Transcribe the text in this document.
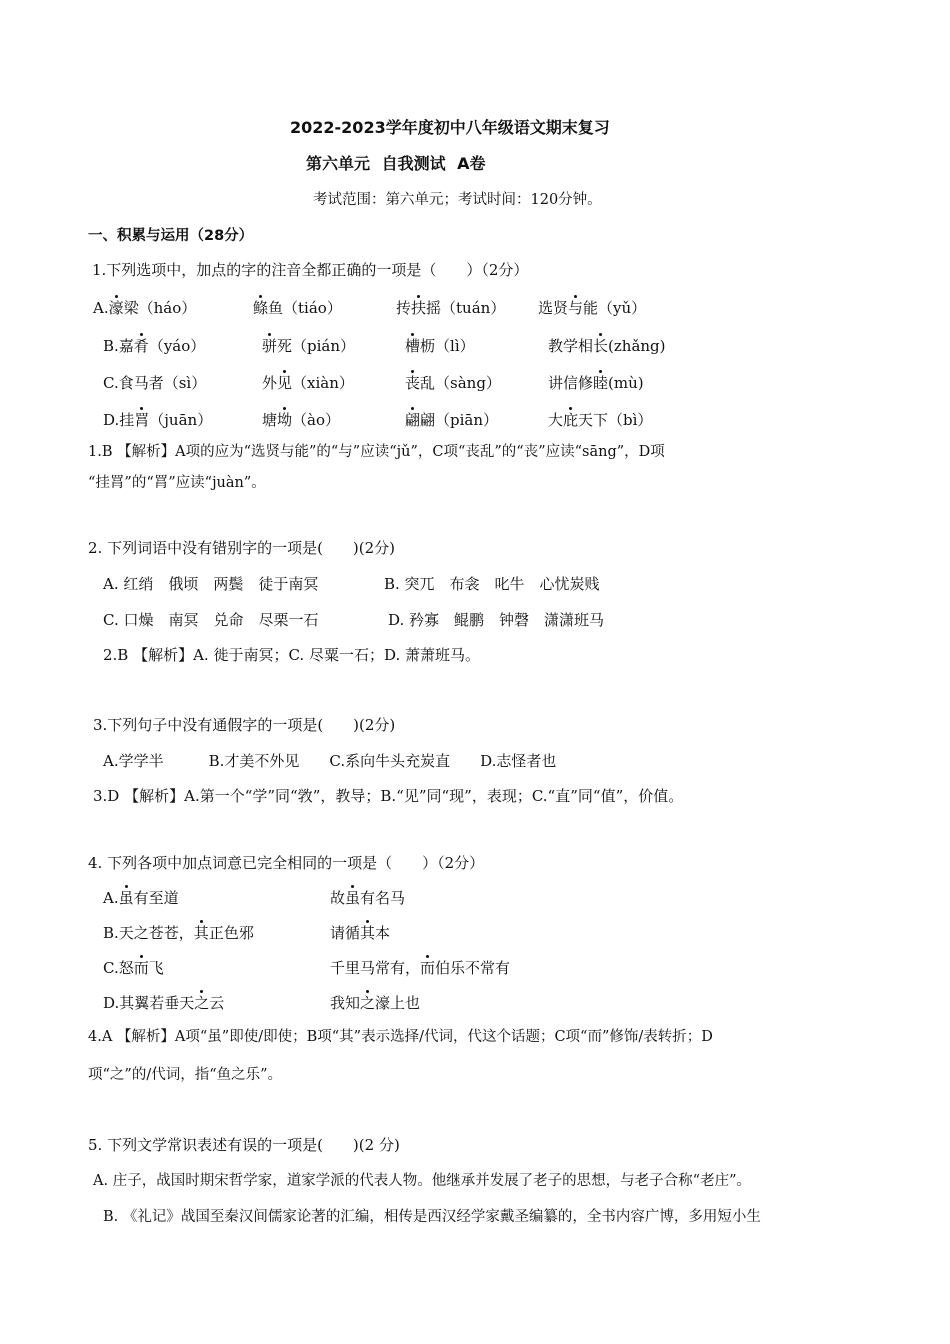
2022-2023学年度初中八年级语文期末复习
第六单元 自我测试 A卷
考试范围：第六单元；考试时间：120分钟。
一、积累与运用（28分）
1.下列选项中，加点的字的注音全都正确的一项是（　　）（2分）
A.濠梁（háo）	鲦鱼（tiáo）	抟扶摇（tuán） 选贤与能（yǔ）
B.嘉肴（yáo）	骈死（pián）	槽枥（lì）	教学相长(zhǎng)
C.食马者（sì）	外见（xiàn）	丧乱（sàng）	讲信修睦(mù)
D.挂罥（juān）	塘坳（ào）	翩翩（piān）	大庇天下（bì）
1.B 【解析】A项的应为“选贤与能”的“与”应读“jǔ”，C项“丧乱”的“丧”应读“sāng”，D项
“挂罥”的“罥”应读“juàn”。
2. 下列词语中没有错别字的一项是(　　)(2分)
A. 红绡　俄顷　两鬓　徒于南冥	B. 突兀　布衾　叱牛　心忧炭贱
C. 口燥　南冥　兑命　尽栗一石	D. 矜寡　鲲鹏　钟磬　潇潇班马
2.B 【解析】A. 徙于南冥；C. 尽粟一石；D. 萧萧班马。
3.下列句子中没有通假字的一项是(　　)(2分)
A.学学半　　　B.才美不外见　　C.系向牛头充炭直　　D.志怪者也
3.D 【解析】A.第一个“学”同“敩”，教导；B.“见”同“现”，表现；C.“直”同“值”，价值。
4. 下列各项中加点词意已完全相同的一项是（　　）（2分）
A.虽有至道	故虽有名马
B.天之苍苍，其正色邪	请循其本
C.怒而飞	千里马常有，而伯乐不常有
D.其翼若垂天之云	我知之濠上也
4.A 【解析】A项“虽”即使/即使；B项“其”表示选择/代词，代这个话题；C项“而”修饰/表转折；D
项“之”的/代词，指“鱼之乐”。
5. 下列文学常识表述有误的一项是(　　)(2 分)
A. 庄子，战国时期宋哲学家，道家学派的代表人物。他继承并发展了老子的思想，与老子合称“老庄”。
B. 《礼记》战国至秦汉间儒家论著的汇编，相传是西汉经学家戴圣编纂的，全书内容广博，多用短小生
